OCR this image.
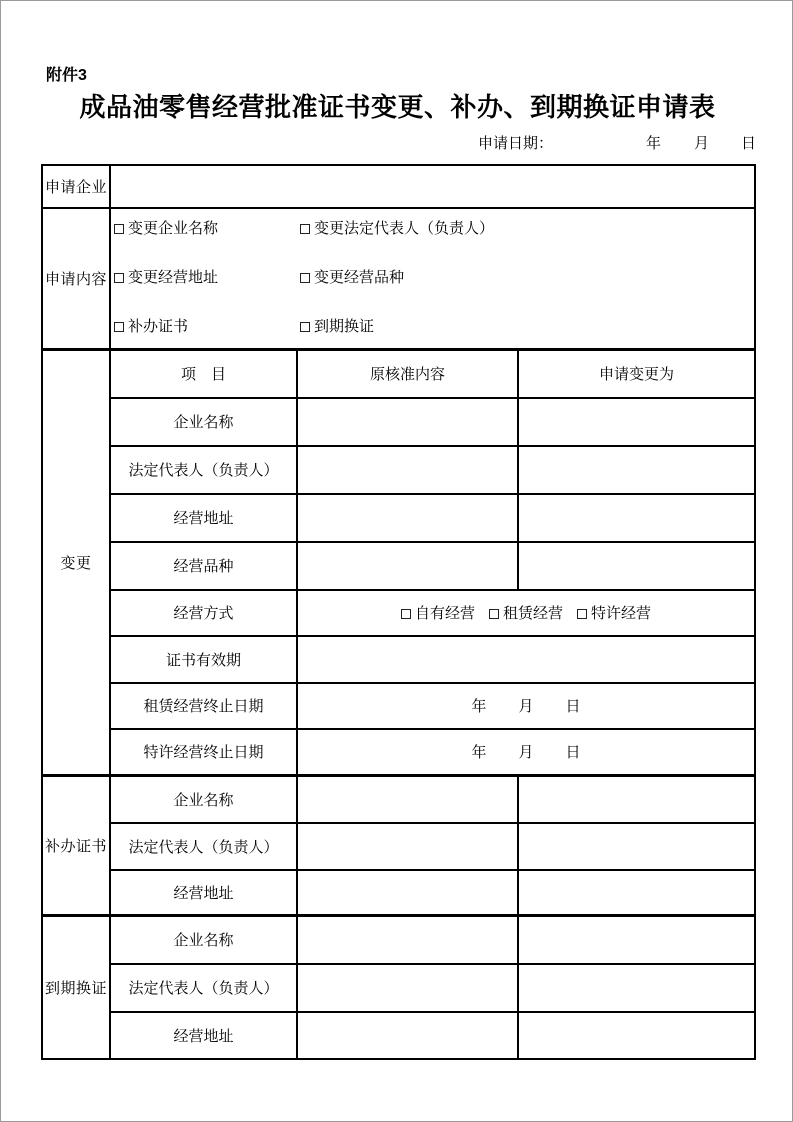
附件3
成品油零售经营批准证书变更、补办、到期换证申请表
申请日期：	年 月 日
申请企业			
申请内容	
变更企业名称	变更法定代表人（负责人）
变更经营地址	变更经营品种
补办证书	到期换证

变更	项　目	原核准内容	申请变更为
	企业名称		
	法定代表人（负责人）		
	经营地址		
	经营品种		
	经营方式	自有经营 租赁经营 特许经营	

	证书有效期		
	租赁经营终止日期	年 月 日	
	特许经营终止日期	年 月 日	
补办证书	企业名称		
	法定代表人（负责人）		
	经营地址		
到期换证	企业名称		
	法定代表人（负责人）		
	经营地址		
